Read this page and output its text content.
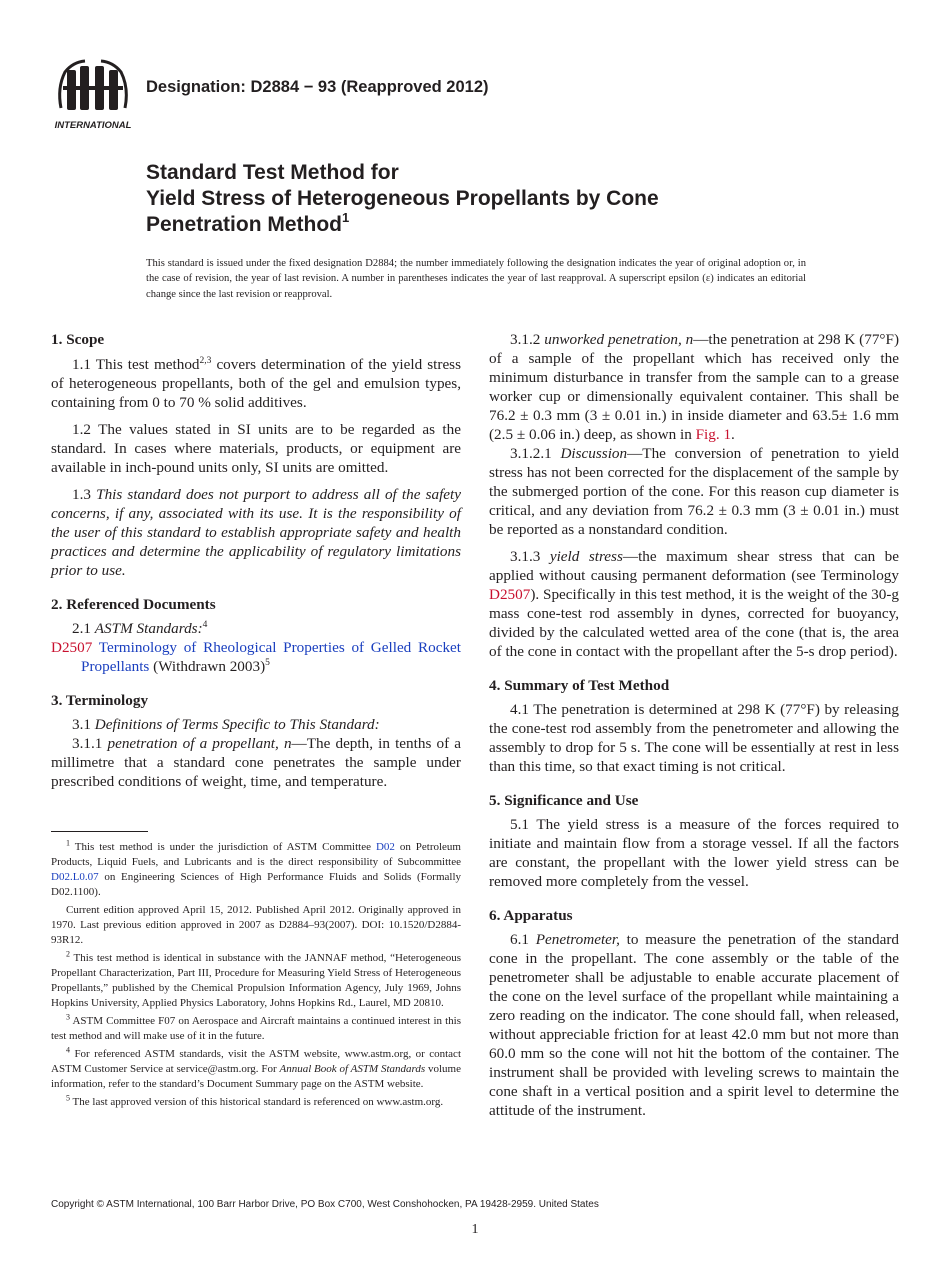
INTERNATIONAL
Designation: D2884 − 93 (Reapproved 2012)
Standard Test Method for
Yield Stress of Heterogeneous Propellants by Cone
Penetration Method$^1$
This standard is issued under the fixed designation D2884; the number immediately following the designation indicates the year of original adoption or, in the case of revision, the year of last revision. A number in parentheses indicates the year of last reapproval. A superscript epsilon (ε) indicates an editorial change since the last revision or reapproval.
1. Scope

1.1 This test method$^{2,3}$ covers determination of the yield stress of heterogeneous propellants, both of the gel and emulsion types, containing from 0 to 70 % solid additives.

1.2 The values stated in SI units are to be regarded as the standard. In cases where materials, products, or equipment are available in inch-pound units only, SI units are omitted.

1.3 This standard does not purport to address all of the safety concerns, if any, associated with its use. It is the responsibility of the user of this standard to establish appropriate safety and health practices and determine the applicability of regulatory limitations prior to use.

2. Referenced Documents

2.1 ASTM Standards:$^4$

D2507 Terminology of Rheological Properties of Gelled Rocket Propellants (Withdrawn 2003)$^5$

3. Terminology

3.1 Definitions of Terms Specific to This Standard:

3.1.1 penetration of a propellant, n—The depth, in tenths of a millimetre that a standard cone penetrates the sample under prescribed conditions of weight, time, and temperature.

$^1$ This test method is under the jurisdiction of ASTM Committee D02 on Petroleum Products, Liquid Fuels, and Lubricants and is the direct responsibility of Subcommittee D02.L0.07 on Engineering Sciences of High Performance Fluids and Solids (Formally D02.1100).

Current edition approved April 15, 2012. Published April 2012. Originally approved in 1970. Last previous edition approved in 2007 as D2884–93(2007). DOI: 10.1520/D2884-93R12.

$^2$ This test method is identical in substance with the JANNAF method, “Heterogeneous Propellant Characterization, Part III, Procedure for Measuring Yield Stress of Heterogeneous Propellants,” published by the Chemical Propulsion Information Agency, July 1969, Johns Hopkins University, Applied Physics Laboratory, Johns Hopkins Rd., Laurel, MD 20810.

$^3$ ASTM Committee F07 on Aerospace and Aircraft maintains a continued interest in this test method and will make use of it in the future.

$^4$ For referenced ASTM standards, visit the ASTM website, www.astm.org, or contact ASTM Customer Service at service@astm.org. For Annual Book of ASTM Standards volume information, refer to the standard’s Document Summary page on the ASTM website.

$^5$ The last approved version of this historical standard is referenced on www.astm.org.

3.1.2 unworked penetration, n—the penetration at 298 K (77°F) of a sample of the propellant which has received only the minimum disturbance in transfer from the sample can to a grease worker cup or dimensionally equivalent container. This shall be 76.2 ± 0.3 mm (3 ± 0.01 in.) in inside diameter and 63.5± 1.6 mm (2.5 ± 0.06 in.) deep, as shown in Fig. 1.

3.1.2.1 Discussion—The conversion of penetration to yield stress has not been corrected for the displacement of the sample by the submerged portion of the cone. For this reason cup diameter is critical, and any deviation from 76.2 ± 0.3 mm (3 ± 0.01 in.) must be reported as a nonstandard condition.

3.1.3 yield stress—the maximum shear stress that can be applied without causing permanent deformation (see Terminology D2507). Specifically in this test method, it is the weight of the 30-g mass cone-test rod assembly in dynes, corrected for buoyancy, divided by the calculated wetted area of the cone (that is, the area of the cone in contact with the propellant after the 5-s drop period).

4. Summary of Test Method

4.1 The penetration is determined at 298 K (77°F) by releasing the cone-test rod assembly from the penetrometer and allowing the assembly to drop for 5 s. The cone will be essentially at rest in less than this time, so that exact timing is not critical.

5. Significance and Use

5.1 The yield stress is a measure of the forces required to initiate and maintain flow from a storage vessel. If all the factors are constant, the propellant with the lower yield stress can be removed more completely from the vessel.

6. Apparatus

6.1 Penetrometer, to measure the penetration of the standard cone in the propellant. The cone assembly or the table of the penetrometer shall be adjustable to enable accurate placement of the cone on the level surface of the propellant while maintaining a zero reading on the indicator. The cone should fall, when released, without appreciable friction for at least 42.0 mm but not more than 60.0 mm so the cone will not hit the bottom of the container. The instrument shall be provided with leveling screws to maintain the cone shaft in a vertical position and a spirit level to determine the attitude of the instrument.

Copyright © ASTM International, 100 Barr Harbor Drive, PO Box C700, West Conshohocken, PA 19428-2959. United States
1
